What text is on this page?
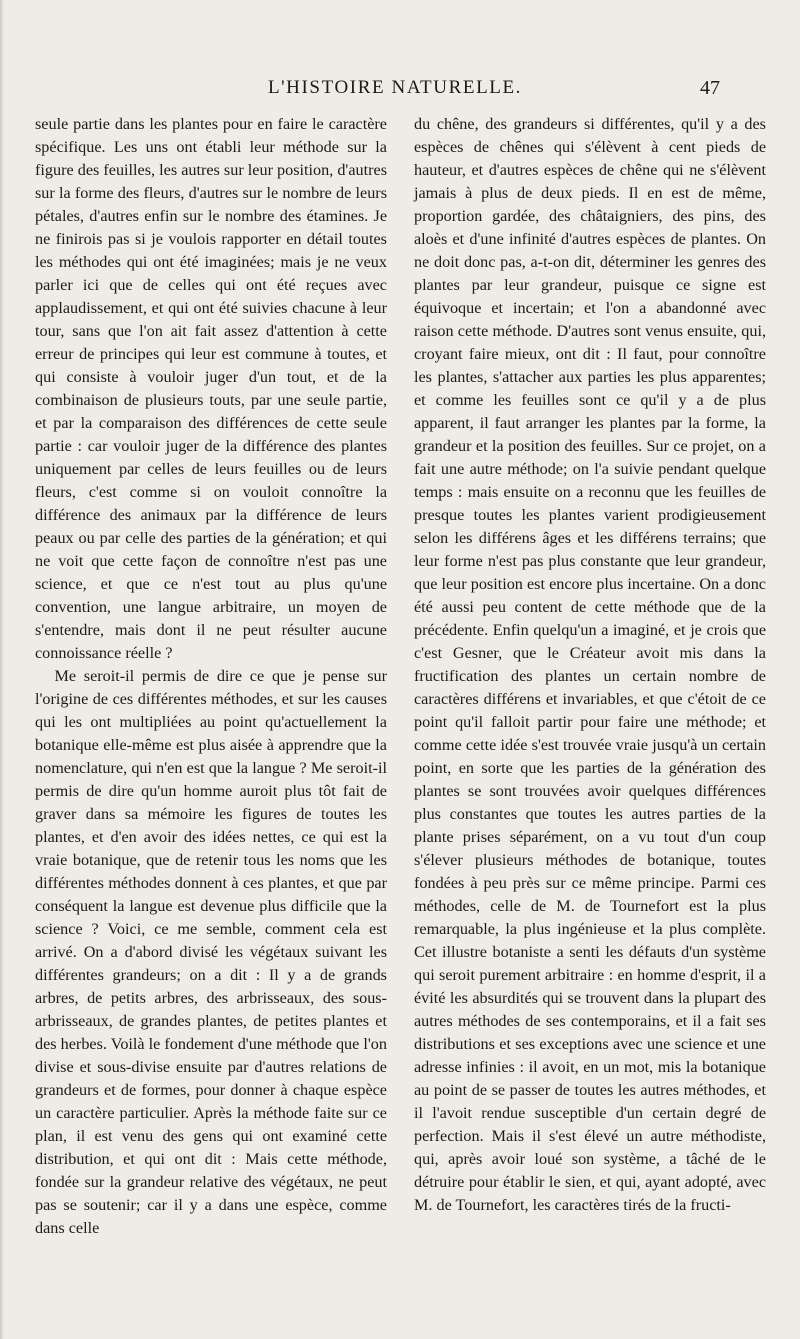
L'HISTOIRE NATURELLE.	47

seule partie dans les plantes pour en faire le caractère spécifique. Les uns ont établi leur méthode sur la figure des feuilles, les autres sur leur position, d'autres sur la forme des fleurs, d'autres sur le nombre de leurs pétales, d'autres enfin sur le nombre des étamines. Je ne finirois pas si je voulois rapporter en détail toutes les méthodes qui ont été imaginées; mais je ne veux parler ici que de celles qui ont été reçues avec applaudissement, et qui ont été suivies chacune à leur tour, sans que l'on ait fait assez d'attention à cette erreur de principes qui leur est commune à toutes, et qui consiste à vouloir juger d'un tout, et de la combinaison de plusieurs touts, par une seule partie, et par la comparaison des différences de cette seule partie : car vouloir juger de la différence des plantes uniquement par celles de leurs feuilles ou de leurs fleurs, c'est comme si on vouloit connoître la différence des animaux par la différence de leurs peaux ou par celle des parties de la génération; et qui ne voit que cette façon de connoître n'est pas une science, et que ce n'est tout au plus qu'une convention, une langue arbitraire, un moyen de s'entendre, mais dont il ne peut résulter aucune connoissance réelle ?

Me seroit-il permis de dire ce que je pense sur l'origine de ces différentes méthodes, et sur les causes qui les ont multipliées au point qu'actuellement la botanique elle-même est plus aisée à apprendre que la nomenclature, qui n'en est que la langue ? Me seroit-il permis de dire qu'un homme auroit plus tôt fait de graver dans sa mémoire les figures de toutes les plantes, et d'en avoir des idées nettes, ce qui est la vraie botanique, que de retenir tous les noms que les différentes méthodes donnent à ces plantes, et que par conséquent la langue est devenue plus difficile que la science ? Voici, ce me semble, comment cela est arrivé. On a d'abord divisé les végétaux suivant les différentes grandeurs; on a dit : Il y a de grands arbres, de petits arbres, des arbrisseaux, des sous-arbrisseaux, de grandes plantes, de petites plantes et des herbes. Voilà le fondement d'une méthode que l'on divise et sous-divise ensuite par d'autres relations de grandeurs et de formes, pour donner à chaque espèce un caractère particulier. Après la méthode faite sur ce plan, il est venu des gens qui ont examiné cette distribution, et qui ont dit : Mais cette méthode, fondée sur la grandeur relative des végétaux, ne peut pas se soutenir; car il y a dans une espèce, comme dans celle

du chêne, des grandeurs si différentes, qu'il y a des espèces de chênes qui s'élèvent à cent pieds de hauteur, et d'autres espèces de chêne qui ne s'élèvent jamais à plus de deux pieds. Il en est de même, proportion gardée, des châtaigniers, des pins, des aloès et d'une infinité d'autres espèces de plantes. On ne doit donc pas, a-t-on dit, déterminer les genres des plantes par leur grandeur, puisque ce signe est équivoque et incertain; et l'on a abandonné avec raison cette méthode. D'autres sont venus ensuite, qui, croyant faire mieux, ont dit : Il faut, pour connoître les plantes, s'attacher aux parties les plus apparentes; et comme les feuilles sont ce qu'il y a de plus apparent, il faut arranger les plantes par la forme, la grandeur et la position des feuilles. Sur ce projet, on a fait une autre méthode; on l'a suivie pendant quelque temps : mais ensuite on a reconnu que les feuilles de presque toutes les plantes varient prodigieusement selon les différens âges et les différens terrains; que leur forme n'est pas plus constante que leur grandeur, que leur position est encore plus incertaine. On a donc été aussi peu content de cette méthode que de la précédente. Enfin quelqu'un a imaginé, et je crois que c'est Gesner, que le Créateur avoit mis dans la fructification des plantes un certain nombre de caractères différens et invariables, et que c'étoit de ce point qu'il falloit partir pour faire une méthode; et comme cette idée s'est trouvée vraie jusqu'à un certain point, en sorte que les parties de la génération des plantes se sont trouvées avoir quelques différences plus constantes que toutes les autres parties de la plante prises séparément, on a vu tout d'un coup s'élever plusieurs méthodes de botanique, toutes fondées à peu près sur ce même principe. Parmi ces méthodes, celle de M. de Tournefort est la plus remarquable, la plus ingénieuse et la plus complète. Cet illustre botaniste a senti les défauts d'un système qui seroit purement arbitraire : en homme d'esprit, il a évité les absurdités qui se trouvent dans la plupart des autres méthodes de ses contemporains, et il a fait ses distributions et ses exceptions avec une science et une adresse infinies : il avoit, en un mot, mis la botanique au point de se passer de toutes les autres méthodes, et il l'avoit rendue susceptible d'un certain degré de perfection. Mais il s'est élevé un autre méthodiste, qui, après avoir loué son système, a tâché de le détruire pour établir le sien, et qui, ayant adopté, avec M. de Tournefort, les caractères tirés de la fructi-
